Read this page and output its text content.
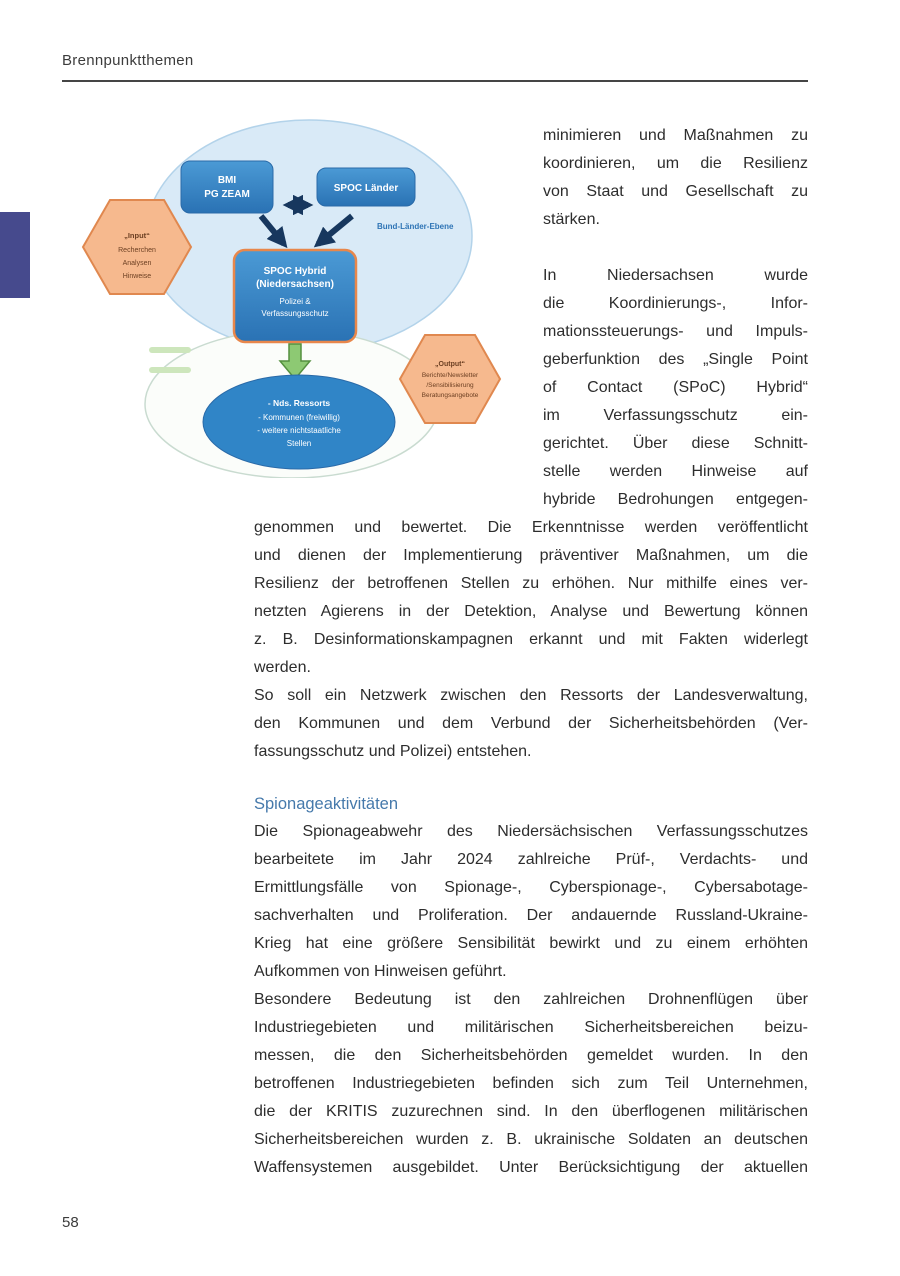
Brennpunktthemen
BMI
PG ZEAM
SPOC Länder
Bund-Länder-Ebene
SPOC Hybrid
(Niedersachsen)
Polizei &
Verfassungsschutz
„Input“
Recherchen
Analysen
Hinweise
„Output“
Berichte/Newsletter
/Sensibilisierung
Beratungsangebote
- Nds. Ressorts
- Kommunen (freiwillig)
- weitere nichtstaatliche
Stellen
minimieren und Maßnahmen zu
koordinieren, um die Resilienz
von Staat und Gesellschaft zu
stärken.
In Niedersachsen wurde
die Koordinierungs-, Infor-
mationssteuerungs- und Impuls-
geberfunktion des „Single Point
of Contact (SPoC) Hybrid“
im Verfassungsschutz ein-
gerichtet. Über diese Schnitt-
stelle werden Hinweise auf
hybride Bedrohungen entgegen-
genommen und bewertet. Die Erkenntnisse werden veröffentlicht
und dienen der Implementierung präventiver Maßnahmen, um die
Resilienz der betroffenen Stellen zu erhöhen. Nur mithilfe eines ver-
netzten Agierens in der Detektion, Analyse und Bewertung können
z. B. Desinformationskampagnen erkannt und mit Fakten widerlegt
werden.
So soll ein Netzwerk zwischen den Ressorts der Landesverwaltung,
den Kommunen und dem Verbund der Sicherheitsbehörden (Ver-
fassungsschutz und Polizei) entstehen.
Spionageaktivitäten
Die Spionageabwehr des Niedersächsischen Verfassungsschutzes
bearbeitete im Jahr 2024 zahlreiche Prüf-, Verdachts- und
Ermittlungsfälle von Spionage-, Cyberspionage-, Cybersabotage-
sachverhalten und Proliferation. Der andauernde Russland-Ukraine-
Krieg hat eine größere Sensibilität bewirkt und zu einem erhöhten
Aufkommen von Hinweisen geführt.
Besondere Bedeutung ist den zahlreichen Drohnenflügen über
Industriegebieten und militärischen Sicherheitsbereichen beizu-
messen, die den Sicherheitsbehörden gemeldet wurden. In den
betroffenen Industriegebieten befinden sich zum Teil Unternehmen,
die der KRITIS zuzurechnen sind. In den überflogenen militärischen
Sicherheitsbereichen wurden z. B. ukrainische Soldaten an deutschen
Waffensystemen ausgebildet. Unter Berücksichtigung der aktuellen
58
